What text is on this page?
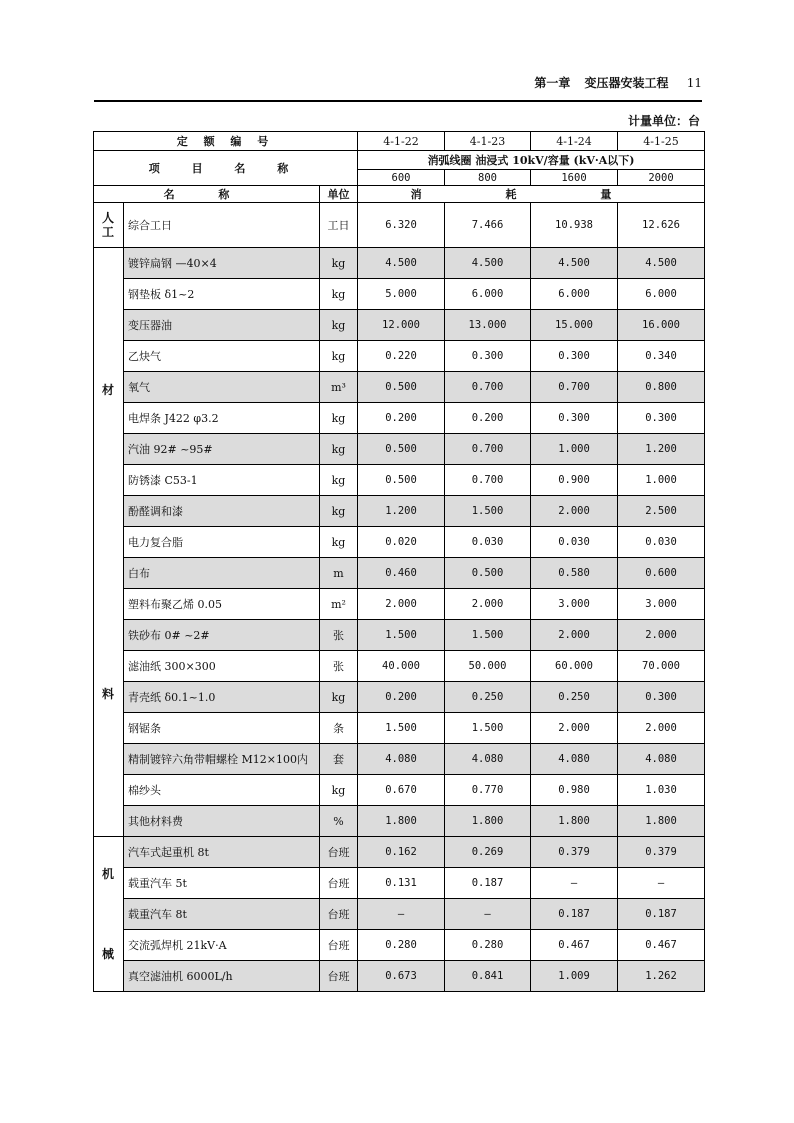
第一章 变压器安装工程 11
计量单位：台
定 额 编 号			4-1-22	4-1-23	4-1-24	4-1-25
项 目 名 称			消弧线圈 油浸式 10kV/容量 (kV·A以下)			
			600	800	1600	2000
名 称		单位	消 耗 量			

人
工	综合工日	工日	6.320	7.466	10.938	12.626

材
料	镀锌扁钢 —40×4	kg	4.500	4.500	4.500	4.500
	钢垫板 δ1~2	kg	5.000	6.000	6.000	6.000
	变压器油	kg	12.000	13.000	15.000	16.000
	乙炔气	kg	0.220	0.300	0.300	0.340
	氧气	m³	0.500	0.700	0.700	0.800
	电焊条 J422 φ3.2	kg	0.200	0.200	0.300	0.300
	汽油 92# ~95#	kg	0.500	0.700	1.000	1.200
	防锈漆 C53-1	kg	0.500	0.700	0.900	1.000
	酚醛调和漆	kg	1.200	1.500	2.000	2.500
	电力复合脂	kg	0.020	0.030	0.030	0.030
	白布	m	0.460	0.500	0.580	0.600
	塑料布聚乙烯 0.05	m²	2.000	2.000	3.000	3.000
	铁砂布 0# ~2#	张	1.500	1.500	2.000	2.000
	滤油纸 300×300	张	40.000	50.000	60.000	70.000
	青壳纸 δ0.1~1.0	kg	0.200	0.250	0.250	0.300
	钢锯条	条	1.500	1.500	2.000	2.000
	精制镀锌六角带帽螺栓 M12×100内	套	4.080	4.080	4.080	4.080
	棉纱头	kg	0.670	0.770	0.980	1.030
	其他材料费	%	1.800	1.800	1.800	1.800

机
械	汽车式起重机 8t	台班	0.162	0.269	0.379	0.379
	载重汽车 5t	台班	0.131	0.187	—	—
	载重汽车 8t	台班	—	—	0.187	0.187
	交流弧焊机 21kV·A	台班	0.280	0.280	0.467	0.467
	真空滤油机 6000L/h	台班	0.673	0.841	1.009	1.262
